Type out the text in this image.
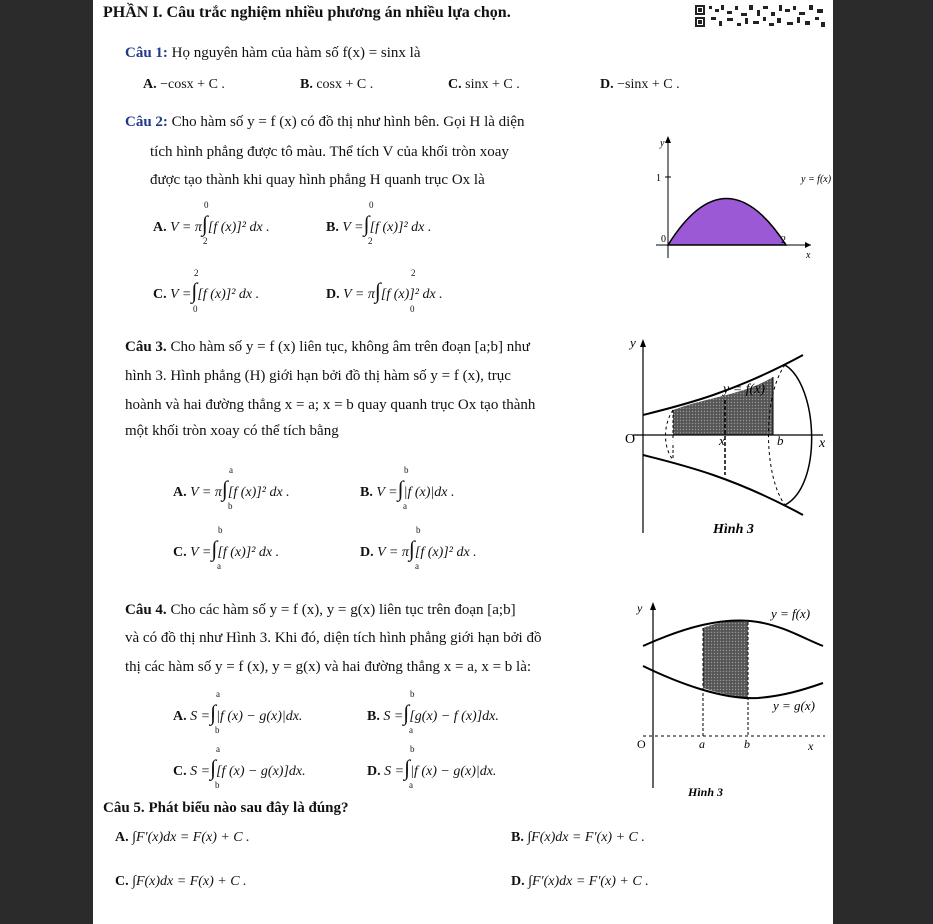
PHẦN I. Câu trắc nghiệm nhiều phương án nhiều lựa chọn.
Câu 1: Họ nguyên hàm của hàm số f(x) = sinx là
A. −cosx + C .	B. cosx + C .	C. sinx + C .	D. −sinx + C .
Câu 2: Cho hàm số y = f (x) có đồ thị như hình bên. Gọi H là diện
tích hình phẳng được tô màu. Thể tích V của khối tròn xoay
được tạo thành khi quay hình phẳng H quanh trục Ox là
A. V = π∫[f (x)]² dx .
0
2
B. V =∫[f (x)]² dx .
0
2
C. V =∫[f (x)]² dx .
2
0
D. V = π∫[f (x)]² dx .
2
0
y
1	y = f(x)
0	2
x
Câu 3. Cho hàm số y = f (x) liên tục, không âm trên đoạn [a;b] như
hình 3. Hình phẳng (H) giới hạn bởi đồ thị hàm số y = f (x), trục
hoành và hai đường thẳng x = a; x = b quay quanh trục Ox tạo thành
một khối tròn xoay có thể tích bằng
A. V = π∫[f (x)]² dx .
a
b
B. V =∫|f (x)|dx .
b
a
C. V =∫[f (x)]² dx .
b
a
D. V = π∫[f (x)]² dx .
b
a
y
y = f(x)
O	a	x	b	x
Hình 3
Câu 4. Cho các hàm số y = f (x), y = g(x) liên tục trên đoạn [a;b]
và có đồ thị như Hình 3. Khi đó, diện tích hình phẳng giới hạn bởi đồ
thị các hàm số y = f (x), y = g(x) và hai đường thẳng x = a, x = b là:
A. S =∫|f (x) − g(x)|dx.
a
b
B. S =∫[g(x) − f (x)]dx.
b
a
C. S =∫[f (x) − g(x)]dx.
a
b
D. S =∫|f (x) − g(x)|dx.
b
a
y	y = f(x)
y = g(x)
O	a	b	x
Hình 3
Câu 5. Phát biểu nào sau đây là đúng?
A. ∫F′(x)dx = F(x) + C .	B. ∫F(x)dx = F′(x) + C .
C. ∫F(x)dx = F(x) + C .	D. ∫F′(x)dx = F′(x) + C .
